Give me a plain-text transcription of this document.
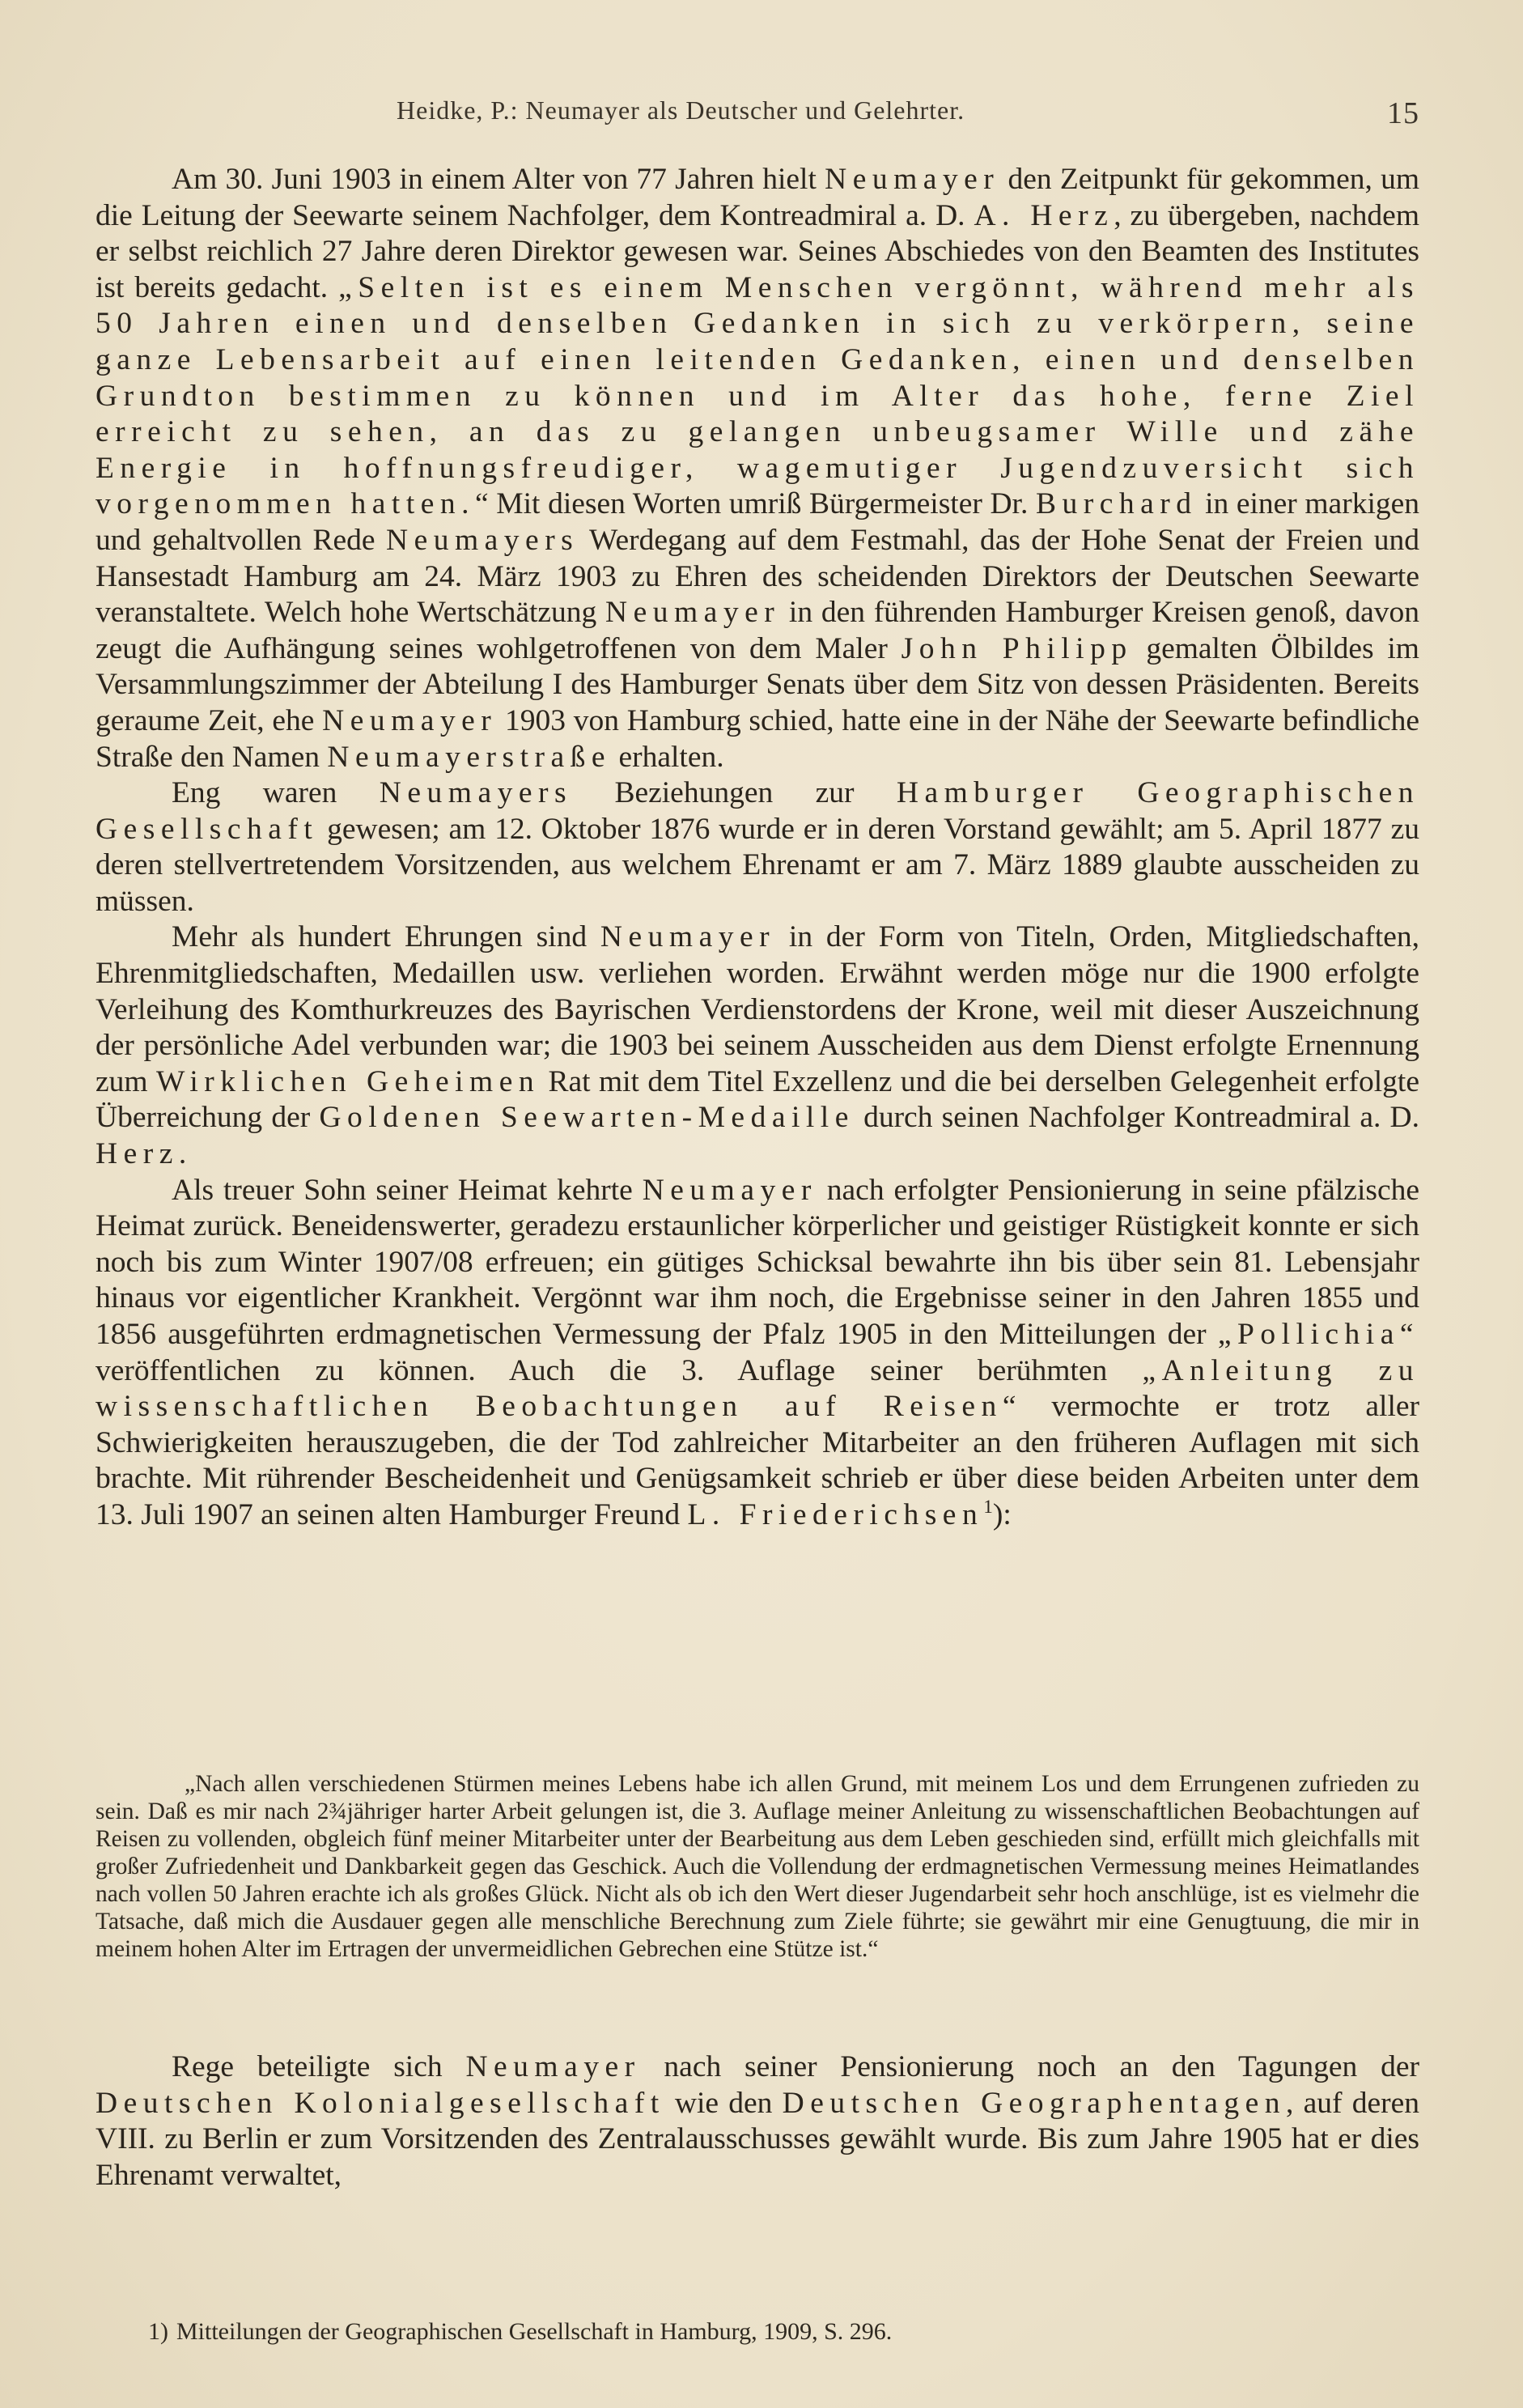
Heidke, P.: Neumayer als Deutscher und Gelehrter.	15

Am 30. Juni 1903 in einem Alter von 77 Jahren hielt Neumayer den Zeitpunkt für gekommen, um die Leitung der Seewarte seinem Nachfolger, dem Kontreadmiral a. D. A. Herz, zu übergeben, nachdem er selbst reichlich 27 Jahre deren Direktor gewesen war. Seines Abschiedes von den Beamten des Institutes ist bereits gedacht. „Selten ist es einem Menschen vergönnt, während mehr als 50 Jahren einen und denselben Gedanken in sich zu verkörpern, seine ganze Lebensarbeit auf einen leitenden Gedanken, einen und denselben Grundton bestimmen zu können und im Alter das hohe, ferne Ziel erreicht zu sehen, an das zu gelangen unbeugsamer Wille und zähe Energie in hoffnungsfreudiger, wagemutiger Jugendzuversicht sich vorgenommen hatten.“ Mit diesen Worten umriß Bürgermeister Dr. Burchard in einer markigen und gehaltvollen Rede Neumayers Werdegang auf dem Festmahl, das der Hohe Senat der Freien und Hansestadt Hamburg am 24. März 1903 zu Ehren des scheidenden Direktors der Deutschen Seewarte veranstaltete. Welch hohe Wertschätzung Neumayer in den führenden Hamburger Kreisen genoß, davon zeugt die Aufhängung seines wohlgetroffenen von dem Maler John Philipp gemalten Ölbildes im Versammlungszimmer der Abteilung I des Hamburger Senats über dem Sitz von dessen Präsidenten. Bereits geraume Zeit, ehe Neumayer 1903 von Hamburg schied, hatte eine in der Nähe der Seewarte befindliche Straße den Namen Neumayerstraße erhalten.

Eng waren Neumayers Beziehungen zur Hamburger Geographischen Gesellschaft gewesen; am 12. Oktober 1876 wurde er in deren Vorstand gewählt; am 5. April 1877 zu deren stellvertretendem Vorsitzenden, aus welchem Ehrenamt er am 7. März 1889 glaubte ausscheiden zu müssen.

Mehr als hundert Ehrungen sind Neumayer in der Form von Titeln, Orden, Mitgliedschaften, Ehrenmitgliedschaften, Medaillen usw. verliehen worden. Erwähnt werden möge nur die 1900 erfolgte Verleihung des Komthurkreuzes des Bayrischen Verdienstordens der Krone, weil mit dieser Auszeichnung der persönliche Adel verbunden war; die 1903 bei seinem Ausscheiden aus dem Dienst erfolgte Ernennung zum Wirklichen Geheimen Rat mit dem Titel Exzellenz und die bei derselben Gelegenheit erfolgte Überreichung der Goldenen Seewarten-Medaille durch seinen Nachfolger Kontreadmiral a. D. Herz.

Als treuer Sohn seiner Heimat kehrte Neumayer nach erfolgter Pensionierung in seine pfälzische Heimat zurück. Beneidenswerter, geradezu erstaunlicher körperlicher und geistiger Rüstigkeit konnte er sich noch bis zum Winter 1907/08 erfreuen; ein gütiges Schicksal bewahrte ihn bis über sein 81. Lebensjahr hinaus vor eigentlicher Krankheit. Vergönnt war ihm noch, die Ergebnisse seiner in den Jahren 1855 und 1856 ausgeführten erdmagnetischen Vermessung der Pfalz 1905 in den Mitteilungen der „Pollichia“ veröffentlichen zu können. Auch die 3. Auflage seiner berühmten „Anleitung zu wissenschaftlichen Beobachtungen auf Reisen“ vermochte er trotz aller Schwierigkeiten herauszugeben, die der Tod zahlreicher Mitarbeiter an den früheren Auflagen mit sich brachte. Mit rührender Bescheidenheit und Genügsamkeit schrieb er über diese beiden Arbeiten unter dem 13. Juli 1907 an seinen alten Hamburger Freund L. Friederichsen$^1$):

„Nach allen verschiedenen Stürmen meines Lebens habe ich allen Grund, mit meinem Los und dem Errungenen zufrieden zu sein. Daß es mir nach 2¾jähriger harter Arbeit gelungen ist, die 3. Auflage meiner Anleitung zu wissenschaftlichen Beobachtungen auf Reisen zu vollenden, obgleich fünf meiner Mitarbeiter unter der Bearbeitung aus dem Leben geschieden sind, erfüllt mich gleichfalls mit großer Zufriedenheit und Dankbarkeit gegen das Geschick. Auch die Vollendung der erdmagnetischen Vermessung meines Heimatlandes nach vollen 50 Jahren erachte ich als großes Glück. Nicht als ob ich den Wert dieser Jugendarbeit sehr hoch anschlüge, ist es vielmehr die Tatsache, daß mich die Ausdauer gegen alle menschliche Berechnung zum Ziele führte; sie gewährt mir eine Genugtuung, die mir in meinem hohen Alter im Ertragen der unvermeidlichen Gebrechen eine Stütze ist.“

Rege beteiligte sich Neumayer nach seiner Pensionierung noch an den Tagungen der Deutschen Kolonialgesellschaft wie den Deutschen Geographentagen, auf deren VIII. zu Berlin er zum Vorsitzenden des Zentralausschusses gewählt wurde. Bis zum Jahre 1905 hat er dies Ehrenamt verwaltet,

1) Mitteilungen der Geographischen Gesellschaft in Hamburg, 1909, S. 296.
